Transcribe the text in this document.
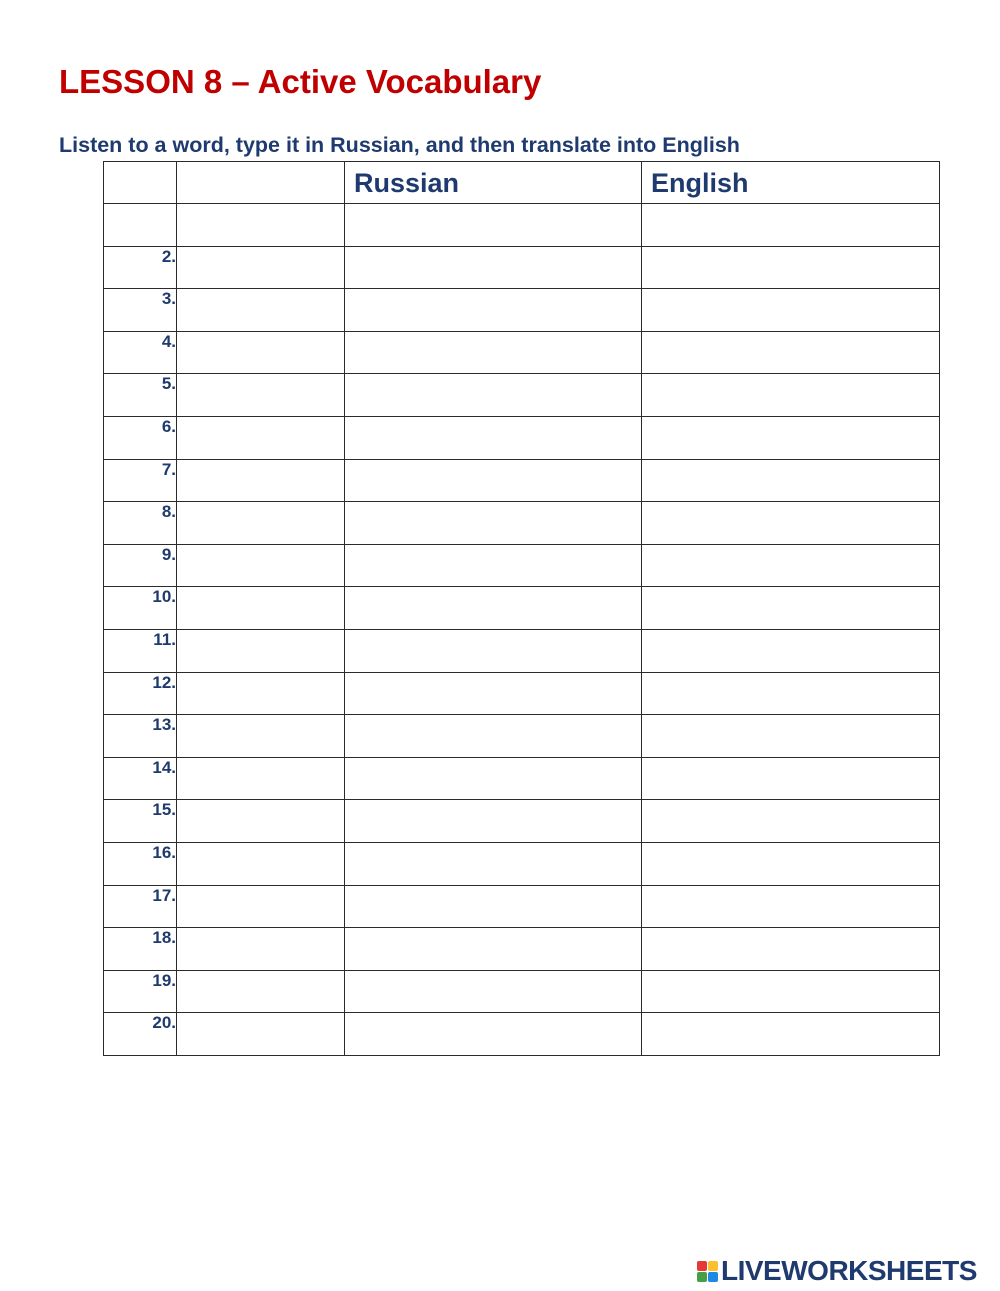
LESSON 8 – Active Vocabulary

Listen to a word, type it in Russian, and then translate into English

		Russian	English

2.			
3.			
4.			
5.			
6.			
7.			
8.			
9.			
10.			
11.			
12.			
13.			
14.			
15.			
16.			
17.			
18.			
19.			
20.			
LIVEWORKSHEETS
